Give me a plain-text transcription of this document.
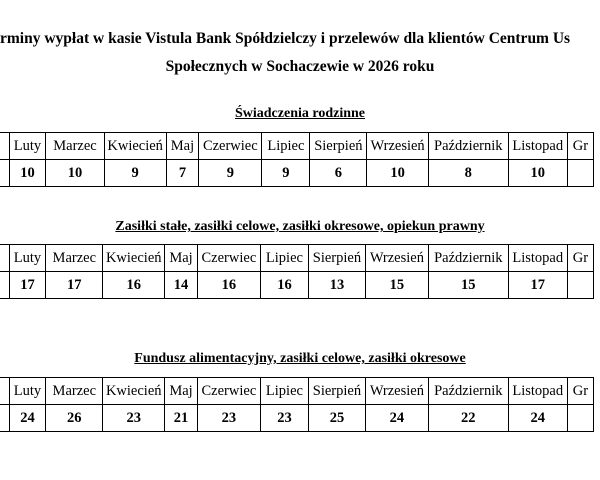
rminy wypłat w kasie Vistula Bank Spółdzielczy i przelewów dla klientów Centrum Us
Społecznych w Sochaczewie w 2026 roku
Świadczenia rodzinne
	Luty	Marzec	Kwiecień	Maj	Czerwiec	Lipiec	Sierpień	Wrzesień	Październik	Listopad	Gr
	10	10	9	7	9	9	6	10	8	10	
Zasiłki stałe, zasiłki celowe, zasiłki okresowe, opiekun prawny
	Luty	Marzec	Kwiecień	Maj	Czerwiec	Lipiec	Sierpień	Wrzesień	Październik	Listopad	Gr
	17	17	16	14	16	16	13	15	15	17	
Fundusz alimentacyjny, zasiłki celowe, zasiłki okresowe
	Luty	Marzec	Kwiecień	Maj	Czerwiec	Lipiec	Sierpień	Wrzesień	Październik	Listopad	Gr
	24	26	23	21	23	23	25	24	22	24	
